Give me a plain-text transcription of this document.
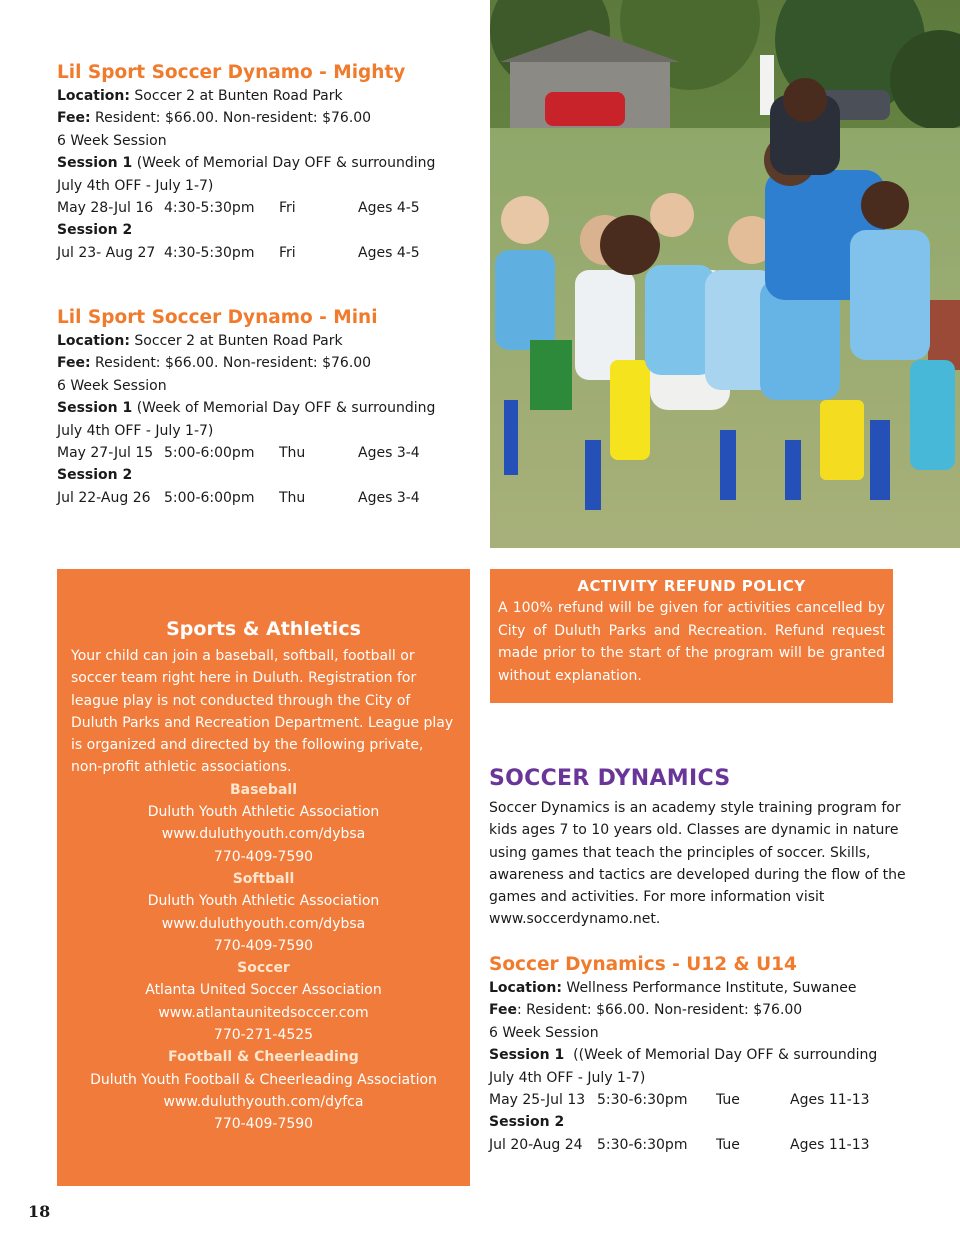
Lil Sport Soccer Dynamo - Mighty
Location: Soccer 2 at Bunten Road Park
Fee: Resident: $66.00. Non-resident: $76.00
6 Week Session
Session 1 (Week of Memorial Day OFF & surrounding
July 4th OFF - July 1-7)
May 28-Jul 16 4:30-5:30pm Fri	Ages 4-5
Session 2
Jul 23- Aug 27 4:30-5:30pm Fri	Ages 4-5
Lil Sport Soccer Dynamo - Mini
Location: Soccer 2 at Bunten Road Park
Fee: Resident: $66.00. Non-resident: $76.00
6 Week Session
Session 1 (Week of Memorial Day OFF & surrounding
July 4th OFF - July 1-7)
May 27-Jul 15 5:00-6:00pm Thu	Ages 3-4
Session 2
Jul 22-Aug 26 5:00-6:00pm Thu	Ages 3-4
Sports & Athletics
Your child can join a baseball, softball, football or soccer team right here in Duluth. Registration for league play is not conducted through the City of Duluth Parks and Recreation Department. League play is organized and directed by the following private, non-profit athletic associations.
Baseball
Duluth Youth Athletic Association
www.duluthyouth.com/dybsa
770-409-7590
Softball
Duluth Youth Athletic Association
www.duluthyouth.com/dybsa
770-409-7590
Soccer
Atlanta United Soccer Association
www.atlantaunitedsoccer.com
770-271-4525
Football & Cheerleading
Duluth Youth Football & Cheerleading Association
www.duluthyouth.com/dyfca
770-409-7590
ACTIVITY REFUND POLICY
A 100% refund will be given for activities cancelled by City of Duluth Parks and Recreation. Refund request made prior to the start of the program will be granted without explanation.
SOCCER DYNAMICS
Soccer Dynamics is an academy style training program for kids ages 7 to 10 years old. Classes are dynamic in nature using games that teach the principles of soccer. Skills, awareness and tactics are developed during the flow of the games and activities. For more information visit www.soccerdynamo.net.
Soccer Dynamics - U12 & U14
Location: Wellness Performance Institute, Suwanee
Fee: Resident: $66.00. Non-resident: $76.00
6 Week Session
Session 1 ((Week of Memorial Day OFF & surrounding
July 4th OFF - July 1-7)
May 25-Jul 13 5:30-6:30pm Tue	Ages 11-13
Session 2
Jul 20-Aug 24 5:30-6:30pm Tue	Ages 11-13
18
